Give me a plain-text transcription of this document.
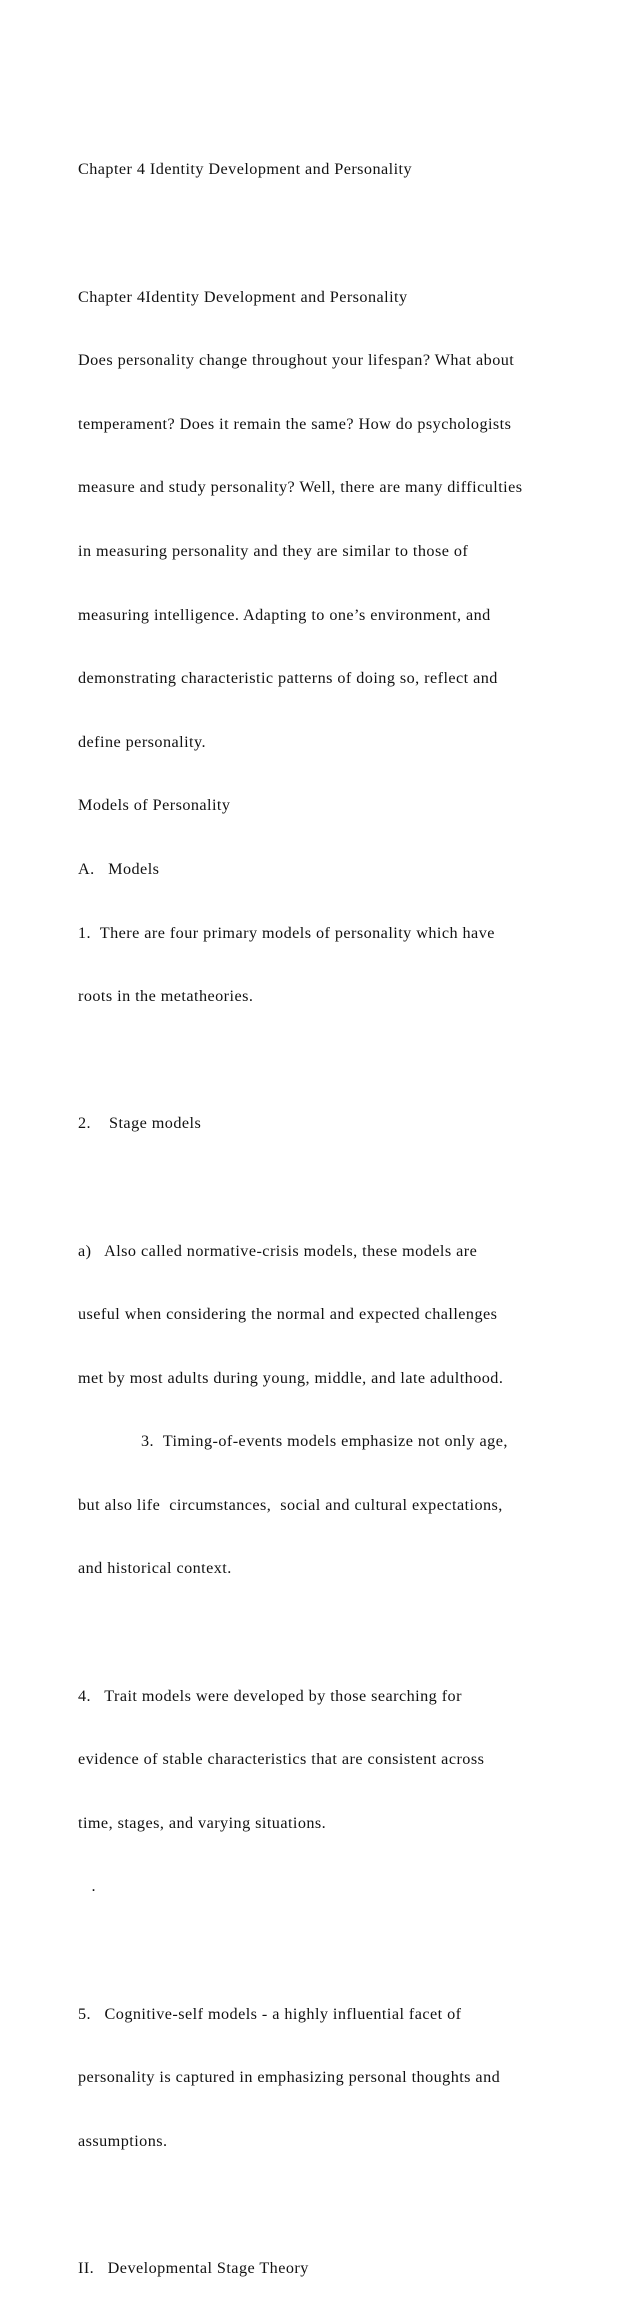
Chapter 4 Identity Development and Personality

Chapter 4Identity Development and Personality

Does personality change throughout your lifespan? What about

temperament? Does it remain the same? How do psychologists

measure and study personality? Well, there are many difficulties

in measuring personality and they are similar to those of

measuring intelligence. Adapting to one’s environment, and

demonstrating characteristic patterns of doing so, reflect and

define personality.

Models of Personality

A.   Models

1.  There are four primary models of personality which have

roots in the metatheories.

2.    Stage models

a)   Also called normative-crisis models, these models are

useful when considering the normal and expected challenges

met by most adults during young, middle, and late adulthood.

3.  Timing-of-events models emphasize not only age,

but also life  circumstances,  social and cultural expectations,

and historical context.

4.   Trait models were developed by those searching for

evidence of stable characteristics that are consistent across

time, stages, and varying situations.

.

5.   Cognitive-self models - a highly influential facet of

personality is captured in emphasizing personal thoughts and

assumptions.

II.   Developmental Stage Theory
